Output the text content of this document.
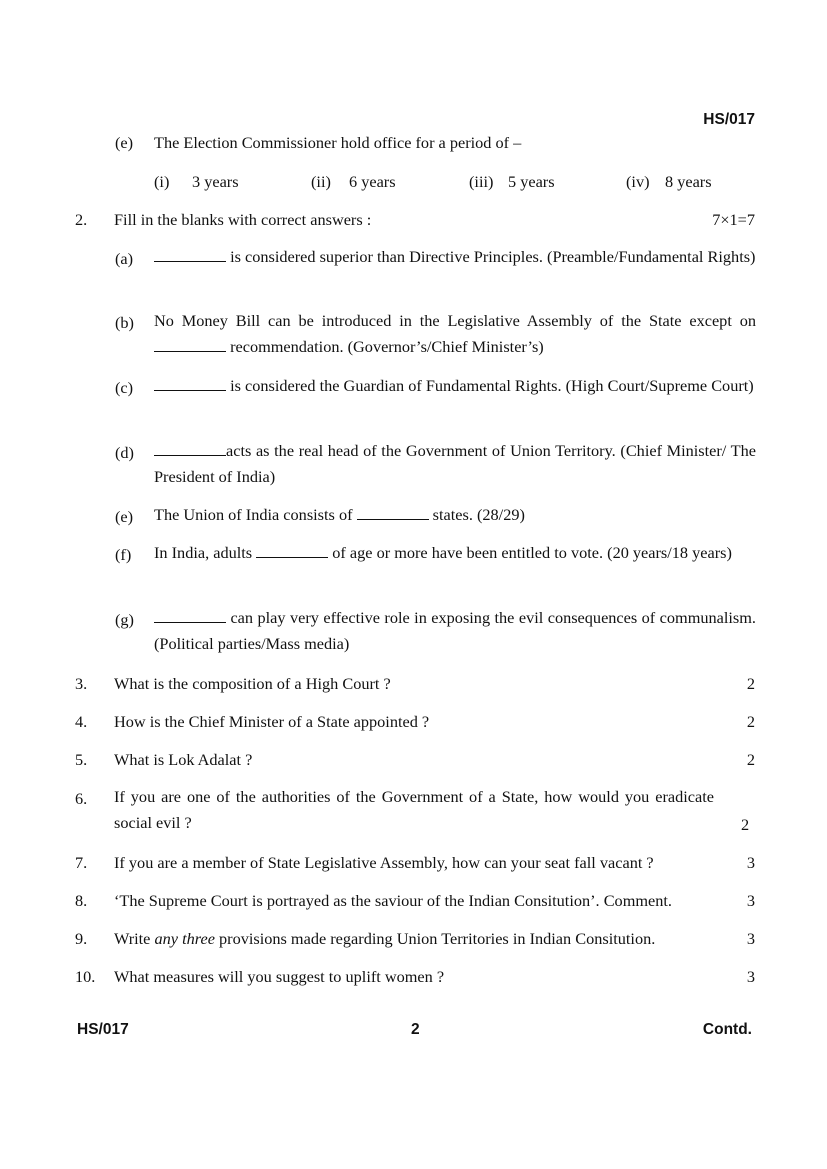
HS/017
(e) The Election Commissioner hold office for a period of –
(i) 3 years	(ii) 6 years	(iii) 5 years	(iv) 8 years
2. Fill in the blanks with correct answers :	7×1=7
(a)	is considered superior than Directive Principles. (Preamble/Fundamental Rights)
(b) No Money Bill can be introduced in the Legislative Assembly of the State except on  recommendation. (Governor’s/Chief Minister’s)
(c)	is considered the Guardian of Fundamental Rights. (High Court/Supreme Court)
(d)	acts as the real head of the Government of Union Territory. (Chief Minister/ The President of India)
(e) The Union of India consists of	states. (28/29)
(f) In India, adults	of age or more have been entitled to vote. (20 years/18 years)
(g)	can play very effective role in exposing the evil consequences of communalism. (Political parties/Mass media)
3. What is the composition of a High Court ?	2
4. How is the Chief Minister of a State appointed ?	2
5. What is Lok Adalat ?	2
6. If you are one of the authorities of the Government of a State, how would you eradicate social evil ?	2
7. If you are a member of State Legislative Assembly, how can your seat fall vacant ?	3
8. ‘The Supreme Court is portrayed as the saviour of the Indian Consitution’. Comment.	3
9. Write any three provisions made regarding Union Territories in Indian Consitution.	3
10. What measures will you suggest to uplift women ?	3
HS/017	2	Contd.
